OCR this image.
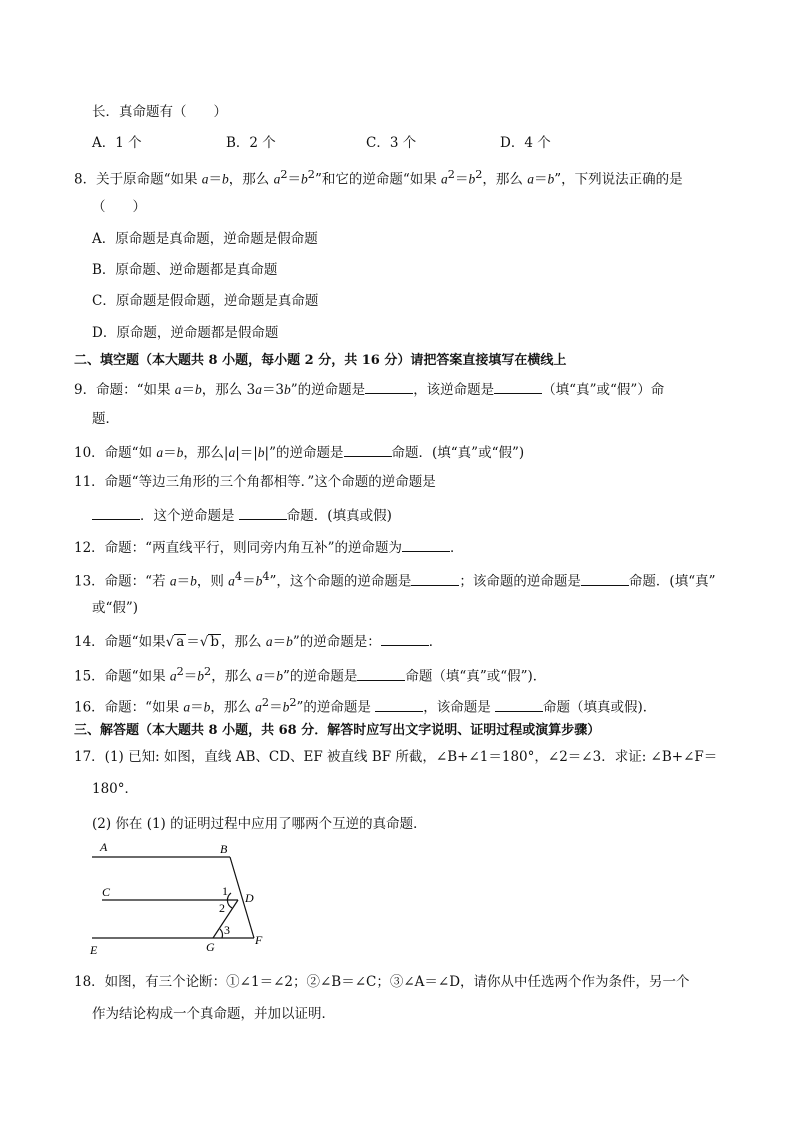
长．真命题有（　　）
A．1 个	B．2 个	C．3 个	D．4 个
8．关于原命题“如果 a＝b，那么 $a^2=b^2$”和它的逆命题“如果 $a^2=b^2$，那么 a＝b”，下列说法正确的是
（　　）
A．原命题是真命题，逆命题是假命题
B．原命题、逆命题都是真命题
C．原命题是假命题，逆命题是真命题
D．原命题，逆命题都是假命题
二、填空题（本大题共 8 小题，每小题 2 分，共 16 分）请把答案直接填写在横线上
9．命题：“如果 a＝b，那么 3a＝3b”的逆命题是	，该逆命题是	（填“真”或“假”）命
题．
10．命题“如 a＝b，那么|a|＝|b|”的逆命题是	命题．(填“真”或“假”)
11．命题“等边三角形的三个角都相等．”这个命题的逆命题是
．这个逆命题是	命题．(填真或假)
12．命题：“两直线平行，则同旁内角互补”的逆命题为	．
13．命题：“若 a＝b，则 $a^4=b^4$”，这个命题的逆命题是	；该命题的逆命题是	命题．(填“真”
或“假”)
14．命题“如果√ a ＝√ b ，那么 a＝b”的逆命题是：	．
15．命题“如果 $a^2=b^2$，那么 a＝b”的逆命题是	命题（填“真”或“假”)．
16．命题：“如果 a＝b，那么 $a^2=b^2$”的逆命题是	，该命题是	命题（填真或假)．
三、解答题（本大题共 8 小题，共 68 分．解答时应写出文字说明、证明过程或演算步骤）
17．(1) 已知: 如图，直线 AB、CD、EF 被直线 BF 所截，∠B+∠1＝180°，∠2＝∠3．求证: ∠B+∠F＝
180°．
(2) 你在 (1) 的证明过程中应用了哪两个互逆的真命题．
A	B
C	D
E
F
G
1
2
3
18．如图，有三个论断：①∠1＝∠2；②∠B＝∠C；③∠A＝∠D，请你从中任选两个作为条件，另一个
作为结论构成一个真命题，并加以证明．
